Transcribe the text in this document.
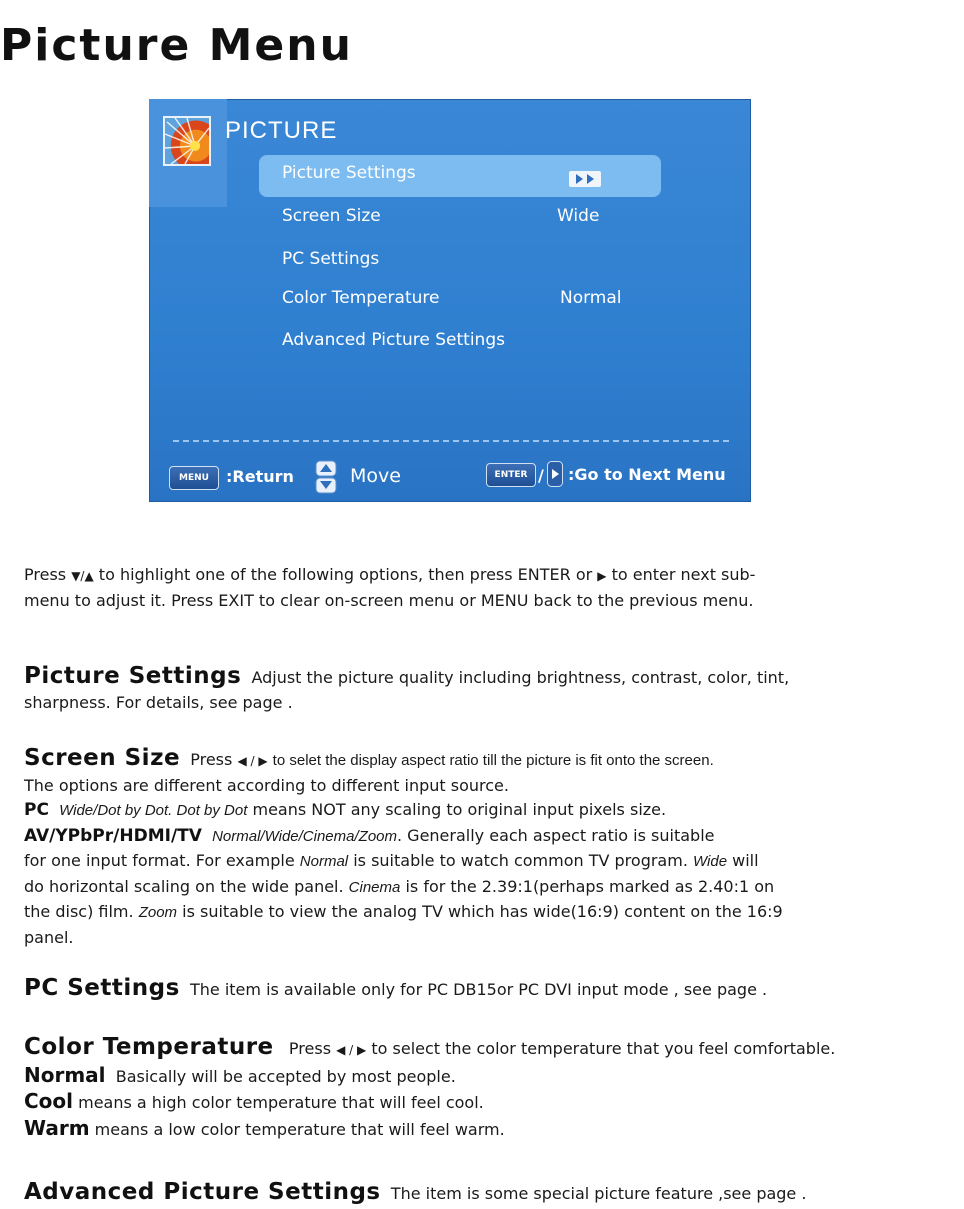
Picture Menu
PICTURE
Picture Settings
Screen Size	Wide
PC Settings
Color Temperature	Normal
Advanced Picture Settings
MENU	:Return	Move	ENTER / :Go to Next Menu
Press ▼/▲ to highlight one of the following options, then press ENTER or ▶ to enter next sub-
menu to adjust it. Press EXIT to clear on-screen menu or MENU back to the previous menu.
Picture Settings Adjust the picture quality including brightness, contrast, color, tint,
sharpness. For details, see page .
Screen Size Press ◀ / ▶ to selet the display aspect ratio till the picture is fit onto the screen.
The options are different according to different input source.
PC Wide/Dot by Dot. Dot by Dot means NOT any scaling to original input pixels size.
AV/YPbPr/HDMI/TV Normal/Wide/Cinema/Zoom. Generally each aspect ratio is suitable
for one input format. For example Normal is suitable to watch common TV program. Wide will
do horizontal scaling on the wide panel. Cinema is for the 2.39:1(perhaps marked as 2.40:1 on
the disc) film. Zoom is suitable to view the analog TV which has wide(16:9) content on the 16:9
panel.
PC Settings The item is available only for PC DB15or PC DVI input mode , see page .
Color Temperature Press ◀ / ▶ to select the color temperature that you feel comfortable.
Normal Basically will be accepted by most people.
Cool means a high color temperature that will feel cool.
Warm means a low color temperature that will feel warm.
Advanced Picture Settings The item is some special picture feature ,see page .
